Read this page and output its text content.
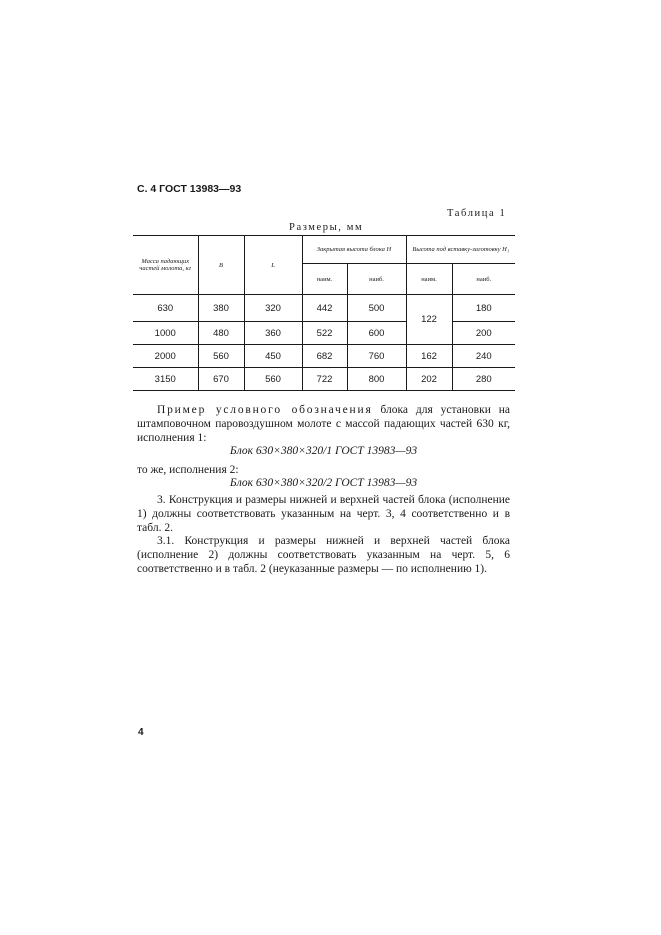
С. 4 ГОСТ 13983—93
Таблица 1
Размеры, мм
Масса падающих частей молота, кг	B	L	Закрытая высота блока H		Высота под вставку-заготовку H₁	
			наим.	наиб.	наим.	наиб.
630	380	320	442	500	122	180
1000	480	360	522	600		200
2000	560	450	682	760	162	240
3150	670	560	722	800	202	280

Пример условного обозначения блока для установки на штамповочном паровоздушном молоте с массой падающих частей 630 кг, исполнения 1:

Блок 630×380×320/1 ГОСТ 13983—93
то же, исполнения 2:
Блок 630×380×320/2 ГОСТ 13983—93

3. Конструкция и размеры нижней и верхней частей блока (исполнение 1) должны соответствовать указанным на черт. 3, 4 соответственно и в табл. 2.

3.1. Конструкция и размеры нижней и верхней частей блока (исполнение 2) должны соответствовать указанным на черт. 5, 6 соответственно и в табл. 2 (неуказанные размеры — по исполнению 1).

4
